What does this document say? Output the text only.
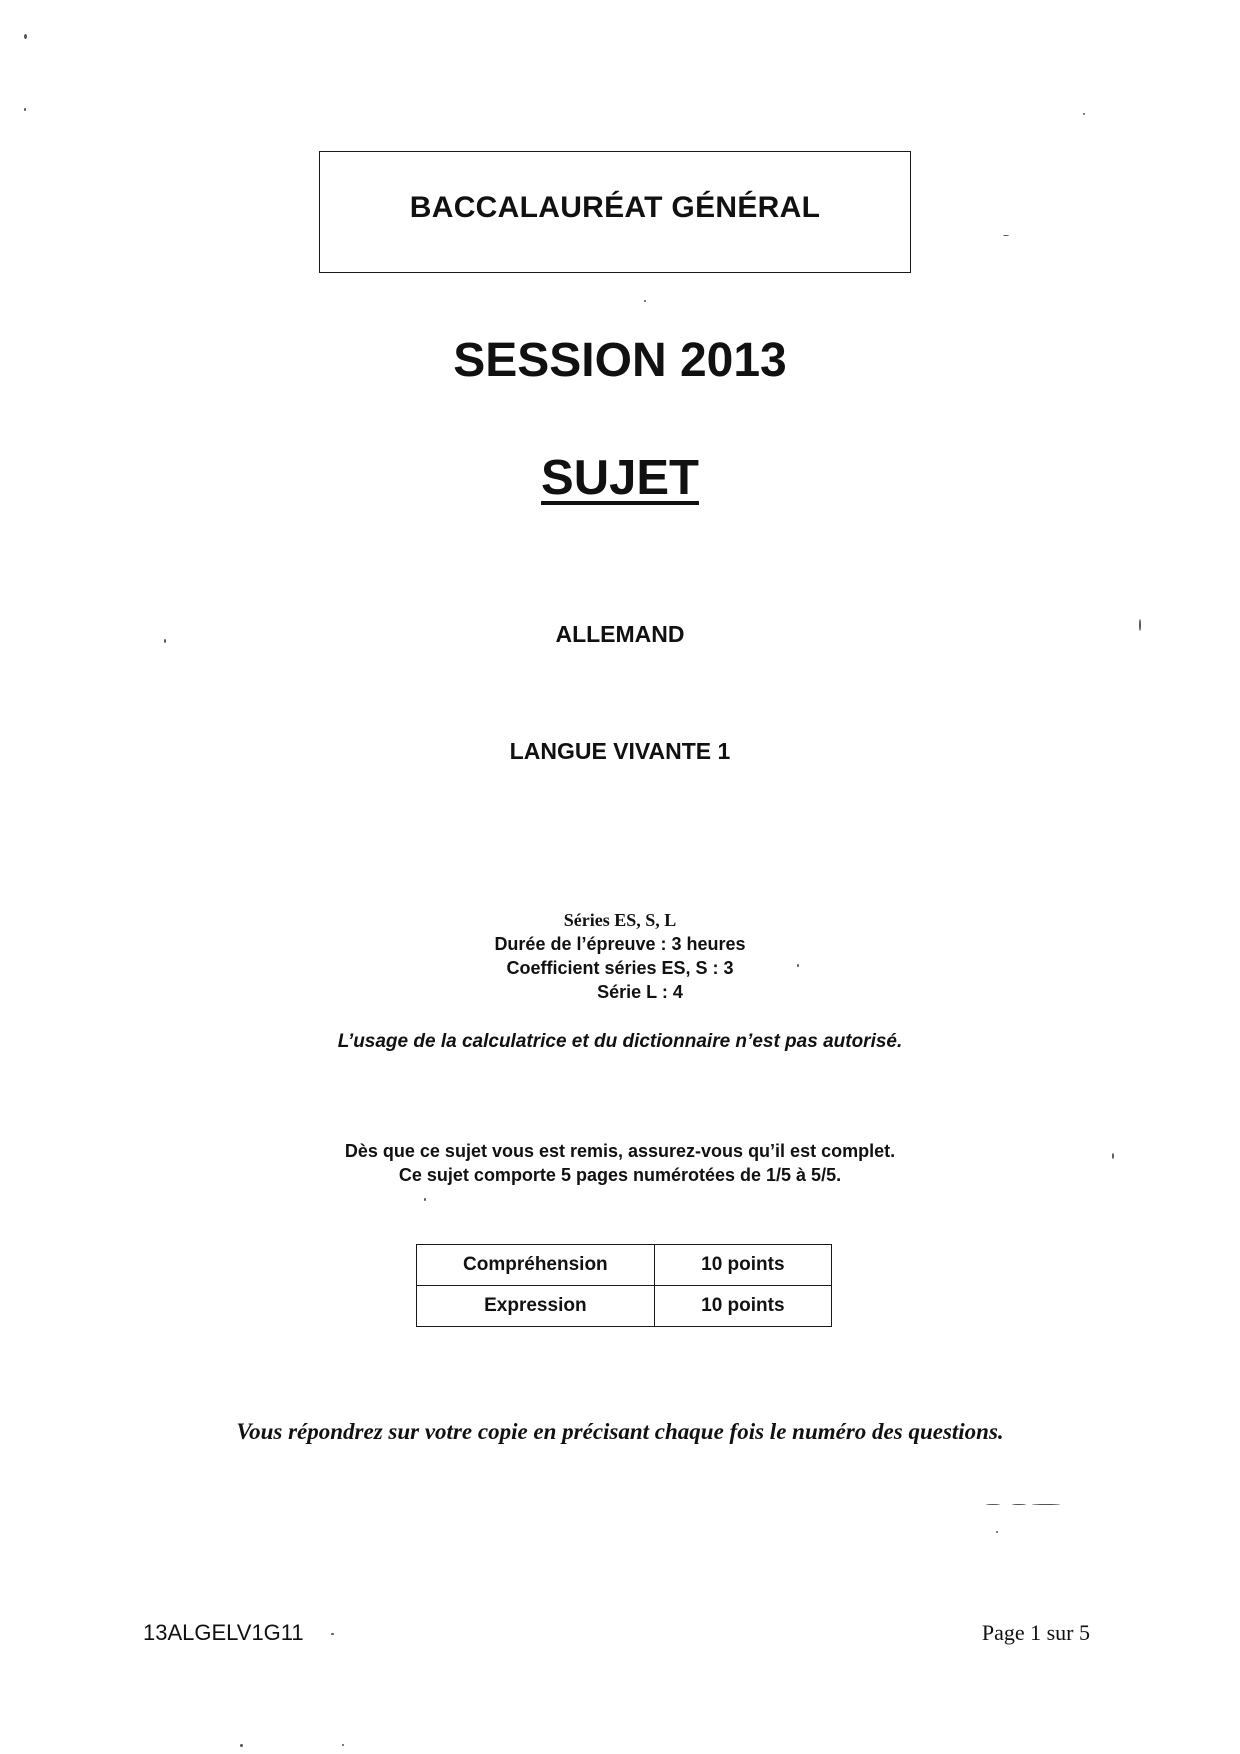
BACCALAURÉAT GÉNÉRAL
SESSION 2013
SUJET
ALLEMAND
LANGUE VIVANTE 1
Séries ES, S, L
Durée de l’épreuve : 3 heures
Coefficient séries ES, S : 3
Série L : 4
L’usage de la calculatrice et du dictionnaire n’est pas autorisé.
Dès que ce sujet vous est remis, assurez-vous qu’il est complet.
Ce sujet comporte 5 pages numérotées de 1/5 à 5/5.
Compréhension	10 points
Expression	10 points
Vous répondrez sur votre copie en précisant chaque fois le numéro des questions.
13ALGELV1G11	Page 1 sur 5
